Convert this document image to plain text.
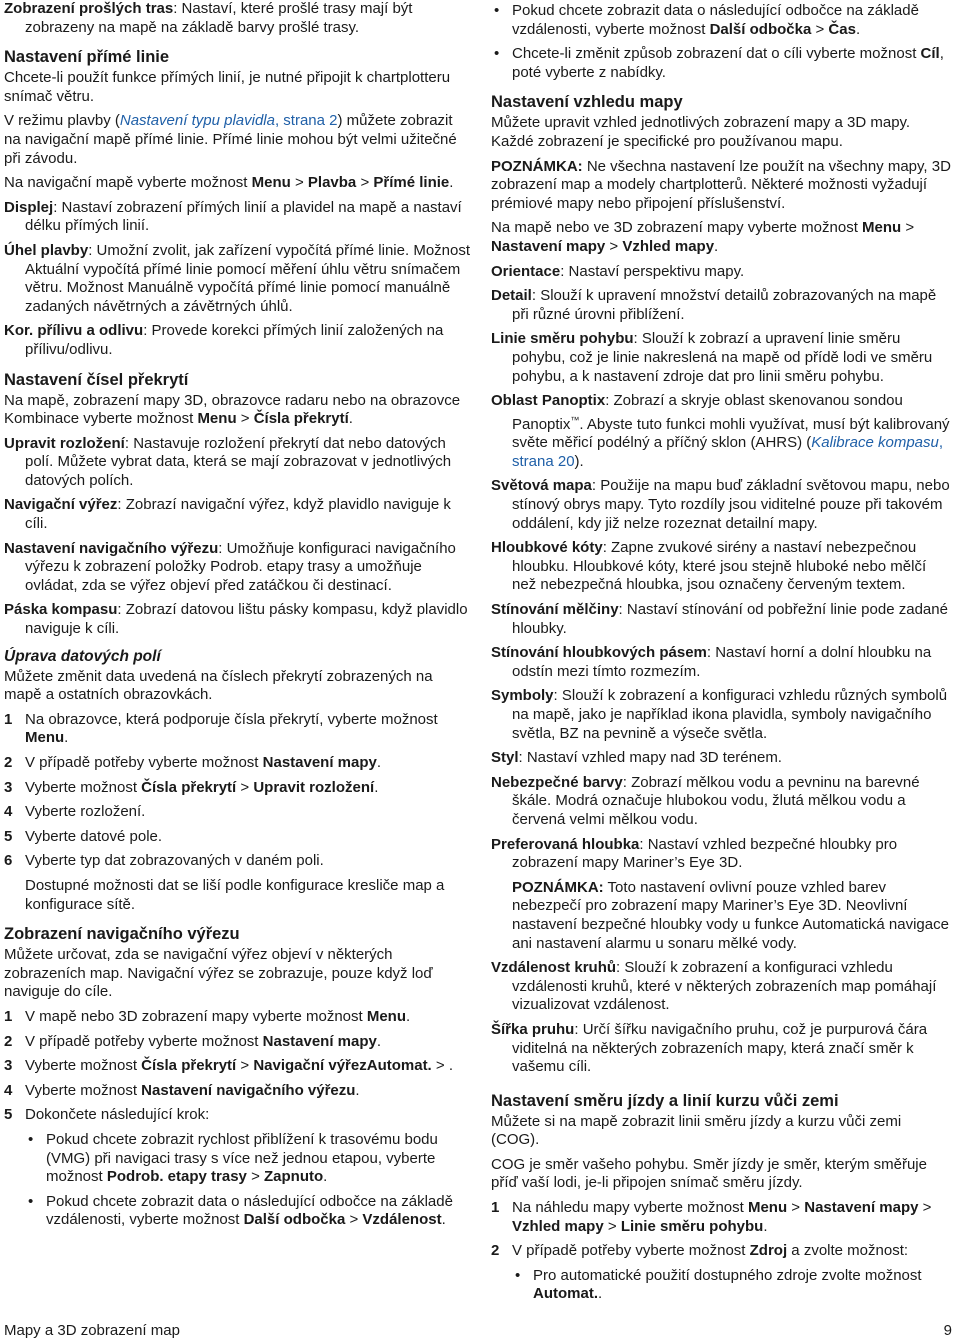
Zobrazení prošlých tras: Nastaví, které prošlé trasy mají být zobrazeny na mapě na základě barvy prošlé trasy.

Nastavení přímé linie

Chcete-li použít funkce přímých linií, je nutné připojit k chartplotteru snímač větru.

V režimu plavby (Nastavení typu plavidla, strana 2) můžete zobrazit na navigační mapě přímé linie. Přímé linie mohou být velmi užitečné při závodu.

Na navigační mapě vyberte možnost Menu > Plavba > Přímé linie.

Displej: Nastaví zobrazení přímých linií a plavidel na mapě a nastaví délku přímých linií.

Úhel plavby: Umožní zvolit, jak zařízení vypočítá přímé linie. Možnost Aktuální vypočítá přímé linie pomocí měření úhlu větru snímačem větru. Možnost Manuálně vypočítá přímé linie pomocí manuálně zadaných návětrných a závětrných úhlů.

Kor. přílivu a odlivu: Provede korekci přímých linií založených na přílivu/odlivu.

Nastavení čísel překrytí

Na mapě, zobrazení mapy 3D, obrazovce radaru nebo na obrazovce Kombinace vyberte možnost Menu > Čísla překrytí.

Upravit rozložení: Nastavuje rozložení překrytí dat nebo datových polí. Můžete vybrat data, která se mají zobrazovat v jednotlivých datových polích.

Navigační výřez: Zobrazí navigační výřez, když plavidlo naviguje k cíli.

Nastavení navigačního výřezu: Umožňuje konfiguraci navigačního výřezu k zobrazení položky Podrob. etapy trasy a umožňuje ovládat, zda se výřez objeví před zatáčkou či destinací.

Páska kompasu: Zobrazí datovou lištu pásky kompasu, když plavidlo naviguje k cíli.

Úprava datových polí

Můžete změnit data uvedená na číslech překrytí zobrazených na mapě a ostatních obrazovkách.

1 Na obrazovce, která podporuje čísla překrytí, vyberte možnost Menu.
2 V případě potřeby vyberte možnost Nastavení mapy.
3 Vyberte možnost Čísla překrytí > Upravit rozložení.
4 Vyberte rozložení.
5 Vyberte datové pole.
6 Vyberte typ dat zobrazovaných v daném poli.

Dostupné možnosti dat se liší podle konfigurace kresliče map a konfigurace sítě.

Zobrazení navigačního výřezu

Můžete určovat, zda se navigační výřez objeví v některých zobrazeních map. Navigační výřez se zobrazuje, pouze když loď naviguje do cíle.

1 V mapě nebo 3D zobrazení mapy vyberte možnost Menu.
2 V případě potřeby vyberte možnost Nastavení mapy.
3 Vyberte možnost Čísla překrytí > Navigační výřezAutomat. > .
4 Vyberte možnost Nastavení navigačního výřezu.
5 Dokončete následující krok:
• Pokud chcete zobrazit rychlost přiblížení k trasovému bodu (VMG) při navigaci trasy s více než jednou etapou, vyberte možnost Podrob. etapy trasy > Zapnuto.
• Pokud chcete zobrazit data o následující odbočce na základě vzdálenosti, vyberte možnost Další odbočka > Vzdálenost.
• Pokud chcete zobrazit data o následující odbočce na základě vzdálenosti, vyberte možnost Další odbočka > Čas.
• Chcete-li změnit způsob zobrazení dat o cíli vyberte možnost Cíl, poté vyberte z nabídky.
Nastavení vzhledu mapy

Můžete upravit vzhled jednotlivých zobrazení mapy a 3D mapy. Každé zobrazení je specifické pro používanou mapu.

POZNÁMKA: Ne všechna nastavení lze použít na všechny mapy, 3D zobrazení map a modely chartplotterů. Některé možnosti vyžadují prémiové mapy nebo připojení příslušenství.

Na mapě nebo ve 3D zobrazení mapy vyberte možnost Menu > Nastavení mapy > Vzhled mapy.

Orientace: Nastaví perspektivu mapy.

Detail: Slouží k upravení množství detailů zobrazovaných na mapě při různé úrovni přiblížení.

Linie směru pohybu: Slouží k zobrazí a upravení linie směru pohybu, což je linie nakreslená na mapě od přídě lodi ve směru pohybu, a k nastavení zdroje dat pro linii směru pohybu.

Oblast Panoptix: Zobrazí a skryje oblast skenovanou sondou Panoptix™. Abyste tuto funkci mohli využívat, musí být kalibrovaný světe měřicí podélný a příčný sklon (AHRS) (Kalibrace kompasu, strana 20).

Světová mapa: Použije na mapu buď základní světovou mapu, nebo stínový obrys mapy. Tyto rozdíly jsou viditelné pouze při takovém oddálení, kdy již nelze rozeznat detailní mapy.

Hloubkové kóty: Zapne zvukové sirény a nastaví nebezpečnou hloubku. Hloubkové kóty, které jsou stejně hluboké nebo mělčí než nebezpečná hloubka, jsou označeny červeným textem.

Stínování mělčiny: Nastaví stínování od pobřežní linie pode zadané hloubky.

Stínování hloubkových pásem: Nastaví horní a dolní hloubku na odstín mezi tímto rozmezím.

Symboly: Slouží k zobrazení a konfiguraci vzhledu různých symbolů na mapě, jako je například ikona plavidla, symboly navigačního světla, BZ na pevnině a výseče světla.

Styl: Nastaví vzhled mapy nad 3D terénem.

Nebezpečné barvy: Zobrazí mělkou vodu a pevninu na barevné škále. Modrá označuje hlubokou vodu, žlutá mělkou vodu a červená velmi mělkou vodu.

Preferovaná hloubka: Nastaví vzhled bezpečné hloubky pro zobrazení mapy Mariner’s Eye 3D.

POZNÁMKA: Toto nastavení ovlivní pouze vzhled barev nebezpečí pro zobrazení mapy Mariner’s Eye 3D. Neovlivní nastavení bezpečné hloubky vody u funkce Automatická navigace ani nastavení alarmu u sonaru mělké vody.

Vzdálenost kruhů: Slouží k zobrazení a konfiguraci vzhledu vzdálenosti kruhů, které v některých zobrazeních map pomáhají vizualizovat vzdálenost.

Šířka pruhu: Určí šířku navigačního pruhu, což je purpurová čára viditelná na některých zobrazeních mapy, která značí směr k vašemu cíli.

Nastavení směru jízdy a linií kurzu vůči zemi

Můžete si na mapě zobrazit linii směru jízdy a kurzu vůči zemi (COG).

COG je směr vašeho pohybu. Směr jízdy je směr, kterým směřuje příď vaší lodi, je-li připojen snímač směru jízdy.

1 Na náhledu mapy vyberte možnost Menu > Nastavení mapy > Vzhled mapy > Linie směru pohybu.
2 V případě potřeby vyberte možnost Zdroj a zvolte možnost:
• Pro automatické použití dostupného zdroje zvolte možnost Automat..
Mapy a 3D zobrazení map	9
